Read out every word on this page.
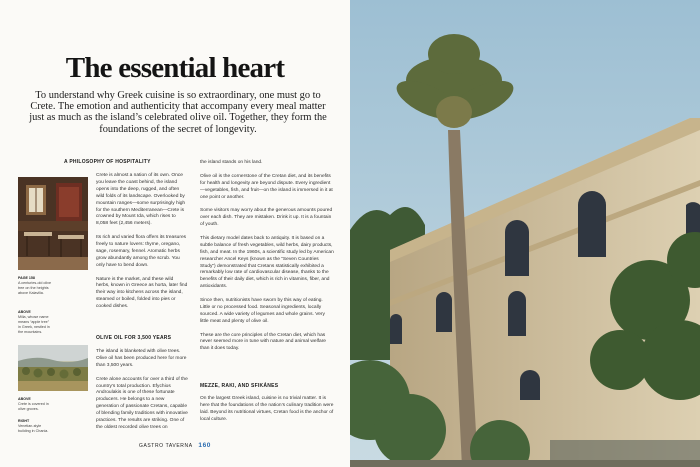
The essential heart

To understand why Greek cuisine is so extraordinary, one must go to Crete. The emotion and authenticity that accompany every meal matter just as much as the island’s celebrated olive oil. Together, they form the foundations of the secret of longevity.

A PHILOSOPHY OF HOSPITALITY
PAGE 158
A centuries-old olive tree on the heights above Kalavilia.
ABOVE
Milia, whose name means “apple tree” in Greek, nestled in the mountains.
ABOVE
Crete is covered in olive groves.
RIGHT
Venetian-style building in Chania.

Crete is almost a nation of its own. Once you leave the coast behind, the island opens into the deep, rugged, and often wild folds of its landscape. Overlooked by mountain ranges—some surprisingly high for the southern Mediterranean—Crete is crowned by Mount Ida, which rises to 8,058 feet (2,456 meters).

Its rich and varied flora offers its treasures freely to nature lovers: thyme, oregano, sage, rosemary, fennel. Aromatic herbs grow abundantly among the scrub. You only have to bend down.

Nature is the market, and these wild herbs, known in Greece as horta, later find their way into kitchens across the island, steamed or boiled, folded into pies or cooked dishes.

OLIVE OIL FOR 3,500 YEARS

The island is blanketed with olive trees. Olive oil has been produced here for more than 3,500 years.

Crete alone accounts for over a third of the country’s total production. Efychios Androulakis is one of these fortunate producers. He belongs to a new generation of passionate Cretans, capable of blending family traditions with innovative practices. The results are striking. One of the oldest recorded olive trees on

the island stands on his land.

Olive oil is the cornerstone of the Cretan diet, and its benefits for health and longevity are beyond dispute. Every ingredient—vegetables, fish, and fruit—on the island is immersed in it at one point or another.

Some visitors may worry about the generous amounts poured over each dish. They are mistaken. Drink it up. It is a fountain of youth.

This dietary model dates back to antiquity. It is based on a subtle balance of fresh vegetables, wild herbs, dairy products, fish, and meat. In the 1960s, a scientific study led by American researcher Ancel Keys (known as the “Seven Countries Study”) demonstrated that Cretans statistically exhibited a remarkably low rate of cardiovascular disease, thanks to the benefits of their daily diet, which is rich in vitamins, fiber, and antioxidants.

Since then, nutritionists have sworn by this way of eating. Little or no processed food. Seasonal ingredients, locally sourced. A wide variety of legumes and whole grains. Very little meat and plenty of olive oil.

These are the core principles of the Cretan diet, which has never seemed more in tune with nature and animal welfare than it does today.

MEZZE, RAKI, AND SFIKÁNES

On the largest Greek island, cuisine is no trivial matter. It is here that the foundations of the nation’s culinary tradition were laid. Beyond its nutritional virtues, Cretan food is the anchor of local culture.

GASTRO TAVERNA 160
